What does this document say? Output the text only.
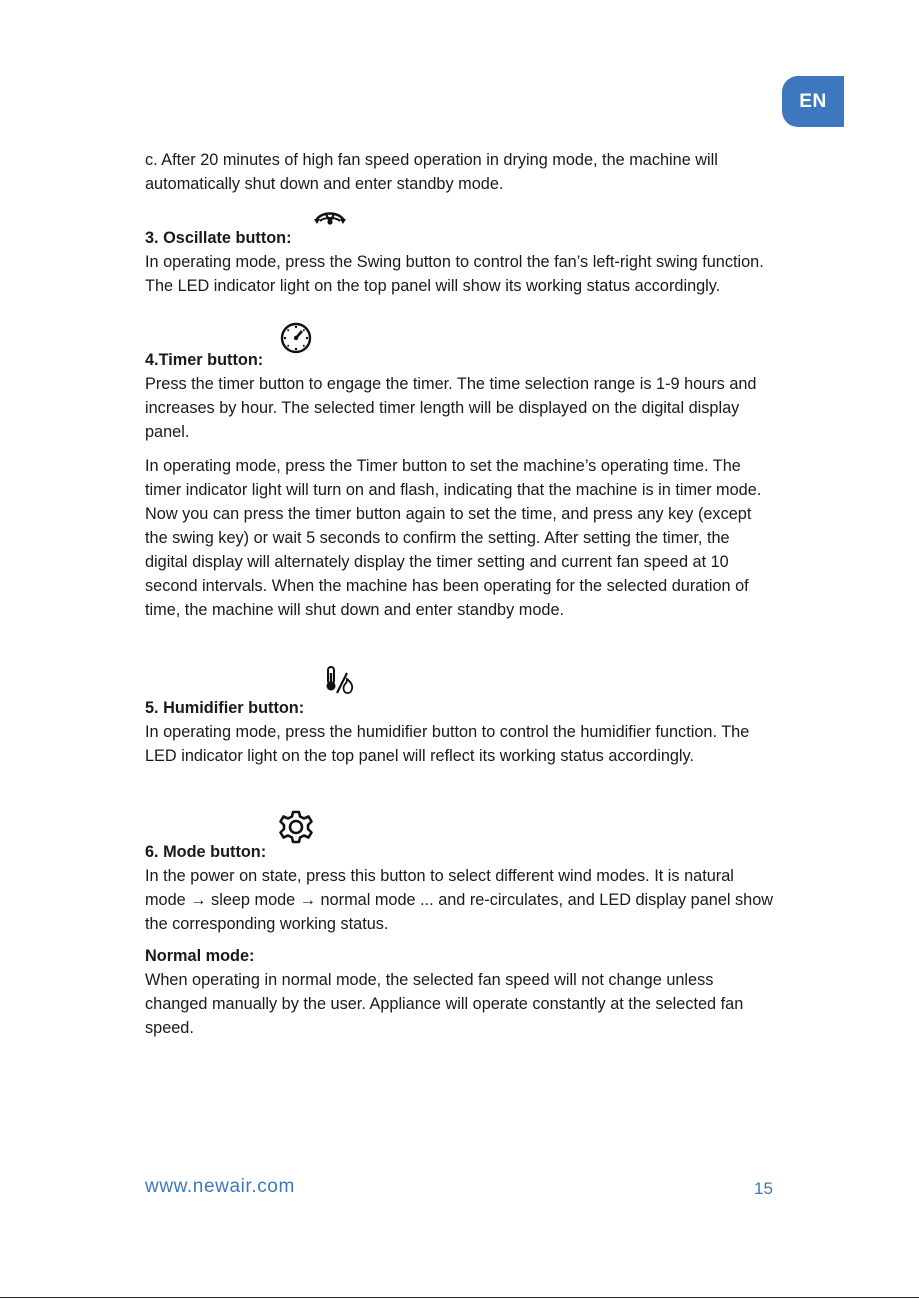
EN

c. After 20 minutes of high fan speed operation in drying mode, the machine will automatically shut down and enter standby mode.

3. Oscillate button:

In operating mode, press the Swing button to control the fan’s left-right swing function. The LED indicator light on the top panel will show its working status accordingly.

4.Timer button:

Press the timer button to engage the timer. The time selection range is 1-9 hours and increases by hour. The selected timer length will be displayed on the digital display panel.

In operating mode, press the Timer button to set the machine’s operating time. The timer indicator light will turn on and flash, indicating that the machine is in timer mode. Now you can press the timer button again to set the time, and press any key (except the swing key) or wait 5 seconds to confirm the setting. After setting the timer, the digital display will alternately display the timer setting and current fan speed at 10 second intervals. When the machine has been operating for the selected duration of time, the machine will shut down and enter standby mode.

5. Humidifier button:

In operating mode, press the humidifier button to control the humidifier function. The LED indicator light on the top panel will reflect its working status accordingly.

6. Mode button:

In the power on state, press this button to select different wind modes. It is natural mode → sleep mode → normal mode ... and re-circulates, and LED display panel show the corresponding working status.

Normal mode:

When operating in normal mode, the selected fan speed will not change unless changed manually by the user. Appliance will operate constantly at the selected fan speed.

www.newair.com	15
